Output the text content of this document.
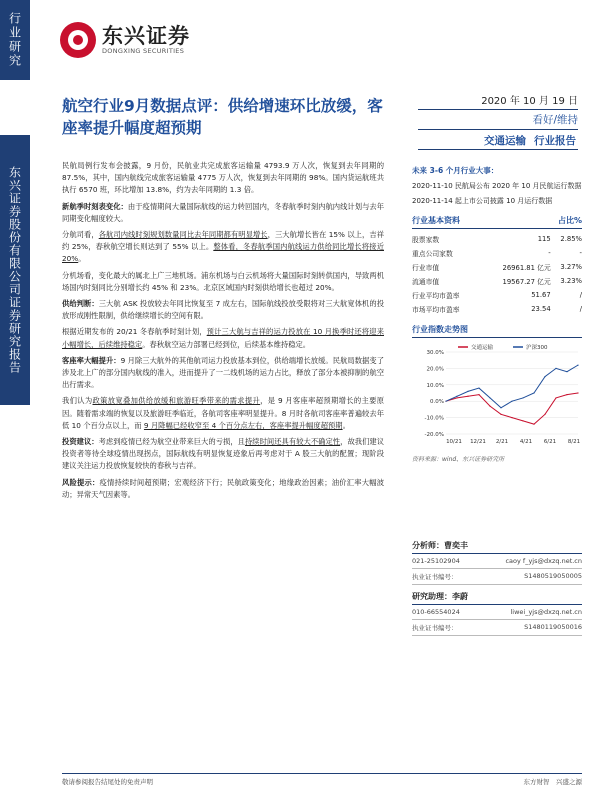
行业研究
东兴证券股份有限公司证券研究报告
东兴证券
DONGXING SECURITIES
航空行业9月数据点评：供给增速环比放缓，客座率提升幅度超预期
2020 年 10 月 19 日
看好/维持
交通运输 行业报告

民航局例行发布会披露，9 月份，民航业共完成旅客运输量 4793.9 万人次，恢复到去年同期的 87.5%，其中，国内航线完成旅客运输量 4775 万人次，恢复到去年同期的 98%。国内货运航班共执行 6570 班，环比增加 13.8%，约为去年同期的 1.3 倍。

新航季时刻表变化：由于疫情期间大量国际航线的运力转回国内，冬春航季时刻内航内线计划与去年同期变化幅度较大。

分航司看，各航司内线时刻规划数量同比去年同期都有明显增长，三大航增长皆在 15% 以上，吉祥约 25%，春秋航空增长则达到了 55% 以上。整体看，冬春航季国内航线运力供给同比增长将接近 20%。

分机场看，变化最大的属北上广三地机场。浦东机场与白云机场将大量国际时刻转供国内，导致两机场国内时刻同比分别增长约 45% 和 23%。北京区域国内时刻供给增长也超过 20%。

供给判断：三大航 ASK 投放较去年同比恢复至 7 成左右，国际航线投放受限将对三大航宽体机的投放形成刚性限制，供给继续增长的空间有限。

根据近期发布的 20/21 冬春航季时刻计划，预计三大航与吉祥的运力投放在 10 月换季时还将迎来小幅增长，后续维持稳定。春秋航空运力部署已经到位，后续基本维持稳定。

客座率大幅提升：9 月除三大航外的其他航司运力投放基本到位，供给端增长放缓。民航局数据变了涉及北上广的部分国内航线的准入，进而提升了一二线机场的运力占比，释放了部分本被抑制的航空出行需求。

我们认为政策放宽叠加供给放缓和旅游旺季带来的需求提升，是 9 月客座率超预期增长的主要原因。随着需求端的恢复以及旅游旺季临近，各航司客座率明显提升。8 月时各航司客座率普遍较去年低 10 个百分点以上，而 9 月降幅已经收窄至 4 个百分点左右，客座率提升幅度超预期。

投资建议：考虑到疫情已经为航空业带来巨大的亏损，且持续时间还具有较大不确定性，故我们建议投资者等待全球疫情出现拐点，国际航线有明显恢复迹象后再考虑对于 A 股三大航的配置；现阶段建议关注运力投放恢复较快的春秋与吉祥。

风险提示：疫情持续时间超预期；宏观经济下行；民航政策变化；地缘政治因素；油价汇率大幅波动；异常天气因素等。

未来 3-6 个月行业大事：
2020-11-10 民航局公布 2020 年 10 月民航运行数据
2020-11-14 起上市公司披露 10 月运行数据
行业基本资料	占比%
股票家数	115	2.85%
重点公司家数	-	-
行业市值	26961.81 亿元	3.27%
流通市值	19567.27 亿元	3.23%
行业平均市盈率	51.67	/
市场平均市盈率	23.54	/
行业指数走势图
30.0%
20.0%
10.0%
0.0%
-10.0%
-20.0%
10/21 12/21 2/21 4/21 6/21 8/21
交通运输	沪深300
资料来源：wind、东兴证券研究所
分析师：曹奕丰
021-25102904	caoy f_yjs@dxzq.net.cn
执业证书编号：	S1480519050005
研究助理：李蔚
010-66554024	liwei_yjs@dxzq.net.cn
执业证书编号：	S1480119050016
敬请参阅报告结尾处的免责声明	东方财智　兴盛之源
